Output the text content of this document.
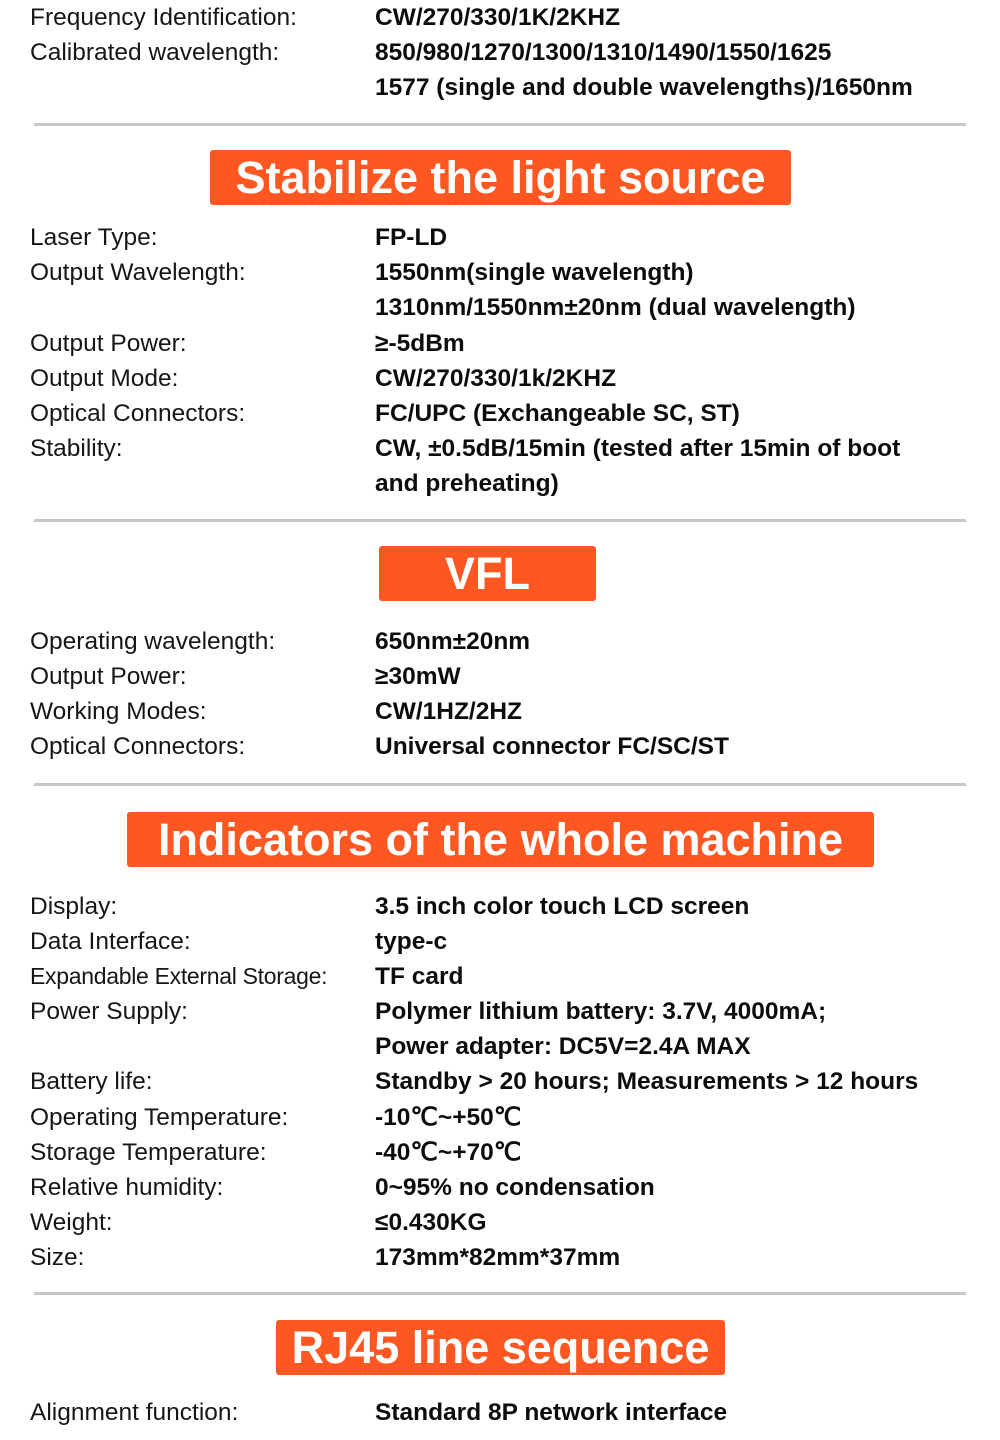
Frequency Identification:	CW/270/330/1K/2KHZ
Calibrated wavelength:	850/980/1270/1300/1310/1490/1550/1625
1577 (single and double wavelengths)/1650nm
Stabilize the light source
Laser Type:	FP-LD
Output Wavelength:	1550nm(single wavelength)
1310nm/1550nm±20nm (dual wavelength)
Output Power:	≥-5dBm
Output Mode:	CW/270/330/1k/2KHZ
Optical Connectors:	FC/UPC (Exchangeable SC, ST)
Stability:	CW, ±0.5dB/15min (tested after 15min of boot
and preheating)
VFL
Operating wavelength:	650nm±20nm
Output Power:	≥30mW
Working Modes:	CW/1HZ/2HZ
Optical Connectors:	Universal connector FC/SC/ST
Indicators of the whole machine
Display:	3.5 inch color touch LCD screen
Data Interface:	type-c
Expandable External Storage: TF card
Power Supply:	Polymer lithium battery: 3.7V, 4000mA;
Power adapter: DC5V=2.4A MAX
Battery life:	Standby > 20 hours; Measurements > 12 hours
Operating Temperature:	-10℃~+50℃
Storage Temperature:	-40℃~+70℃
Relative humidity:	0~95% no condensation
Weight:	≤0.430KG
Size:	173mm*82mm*37mm
RJ45 line sequence
Alignment function:	Standard 8P network interface
